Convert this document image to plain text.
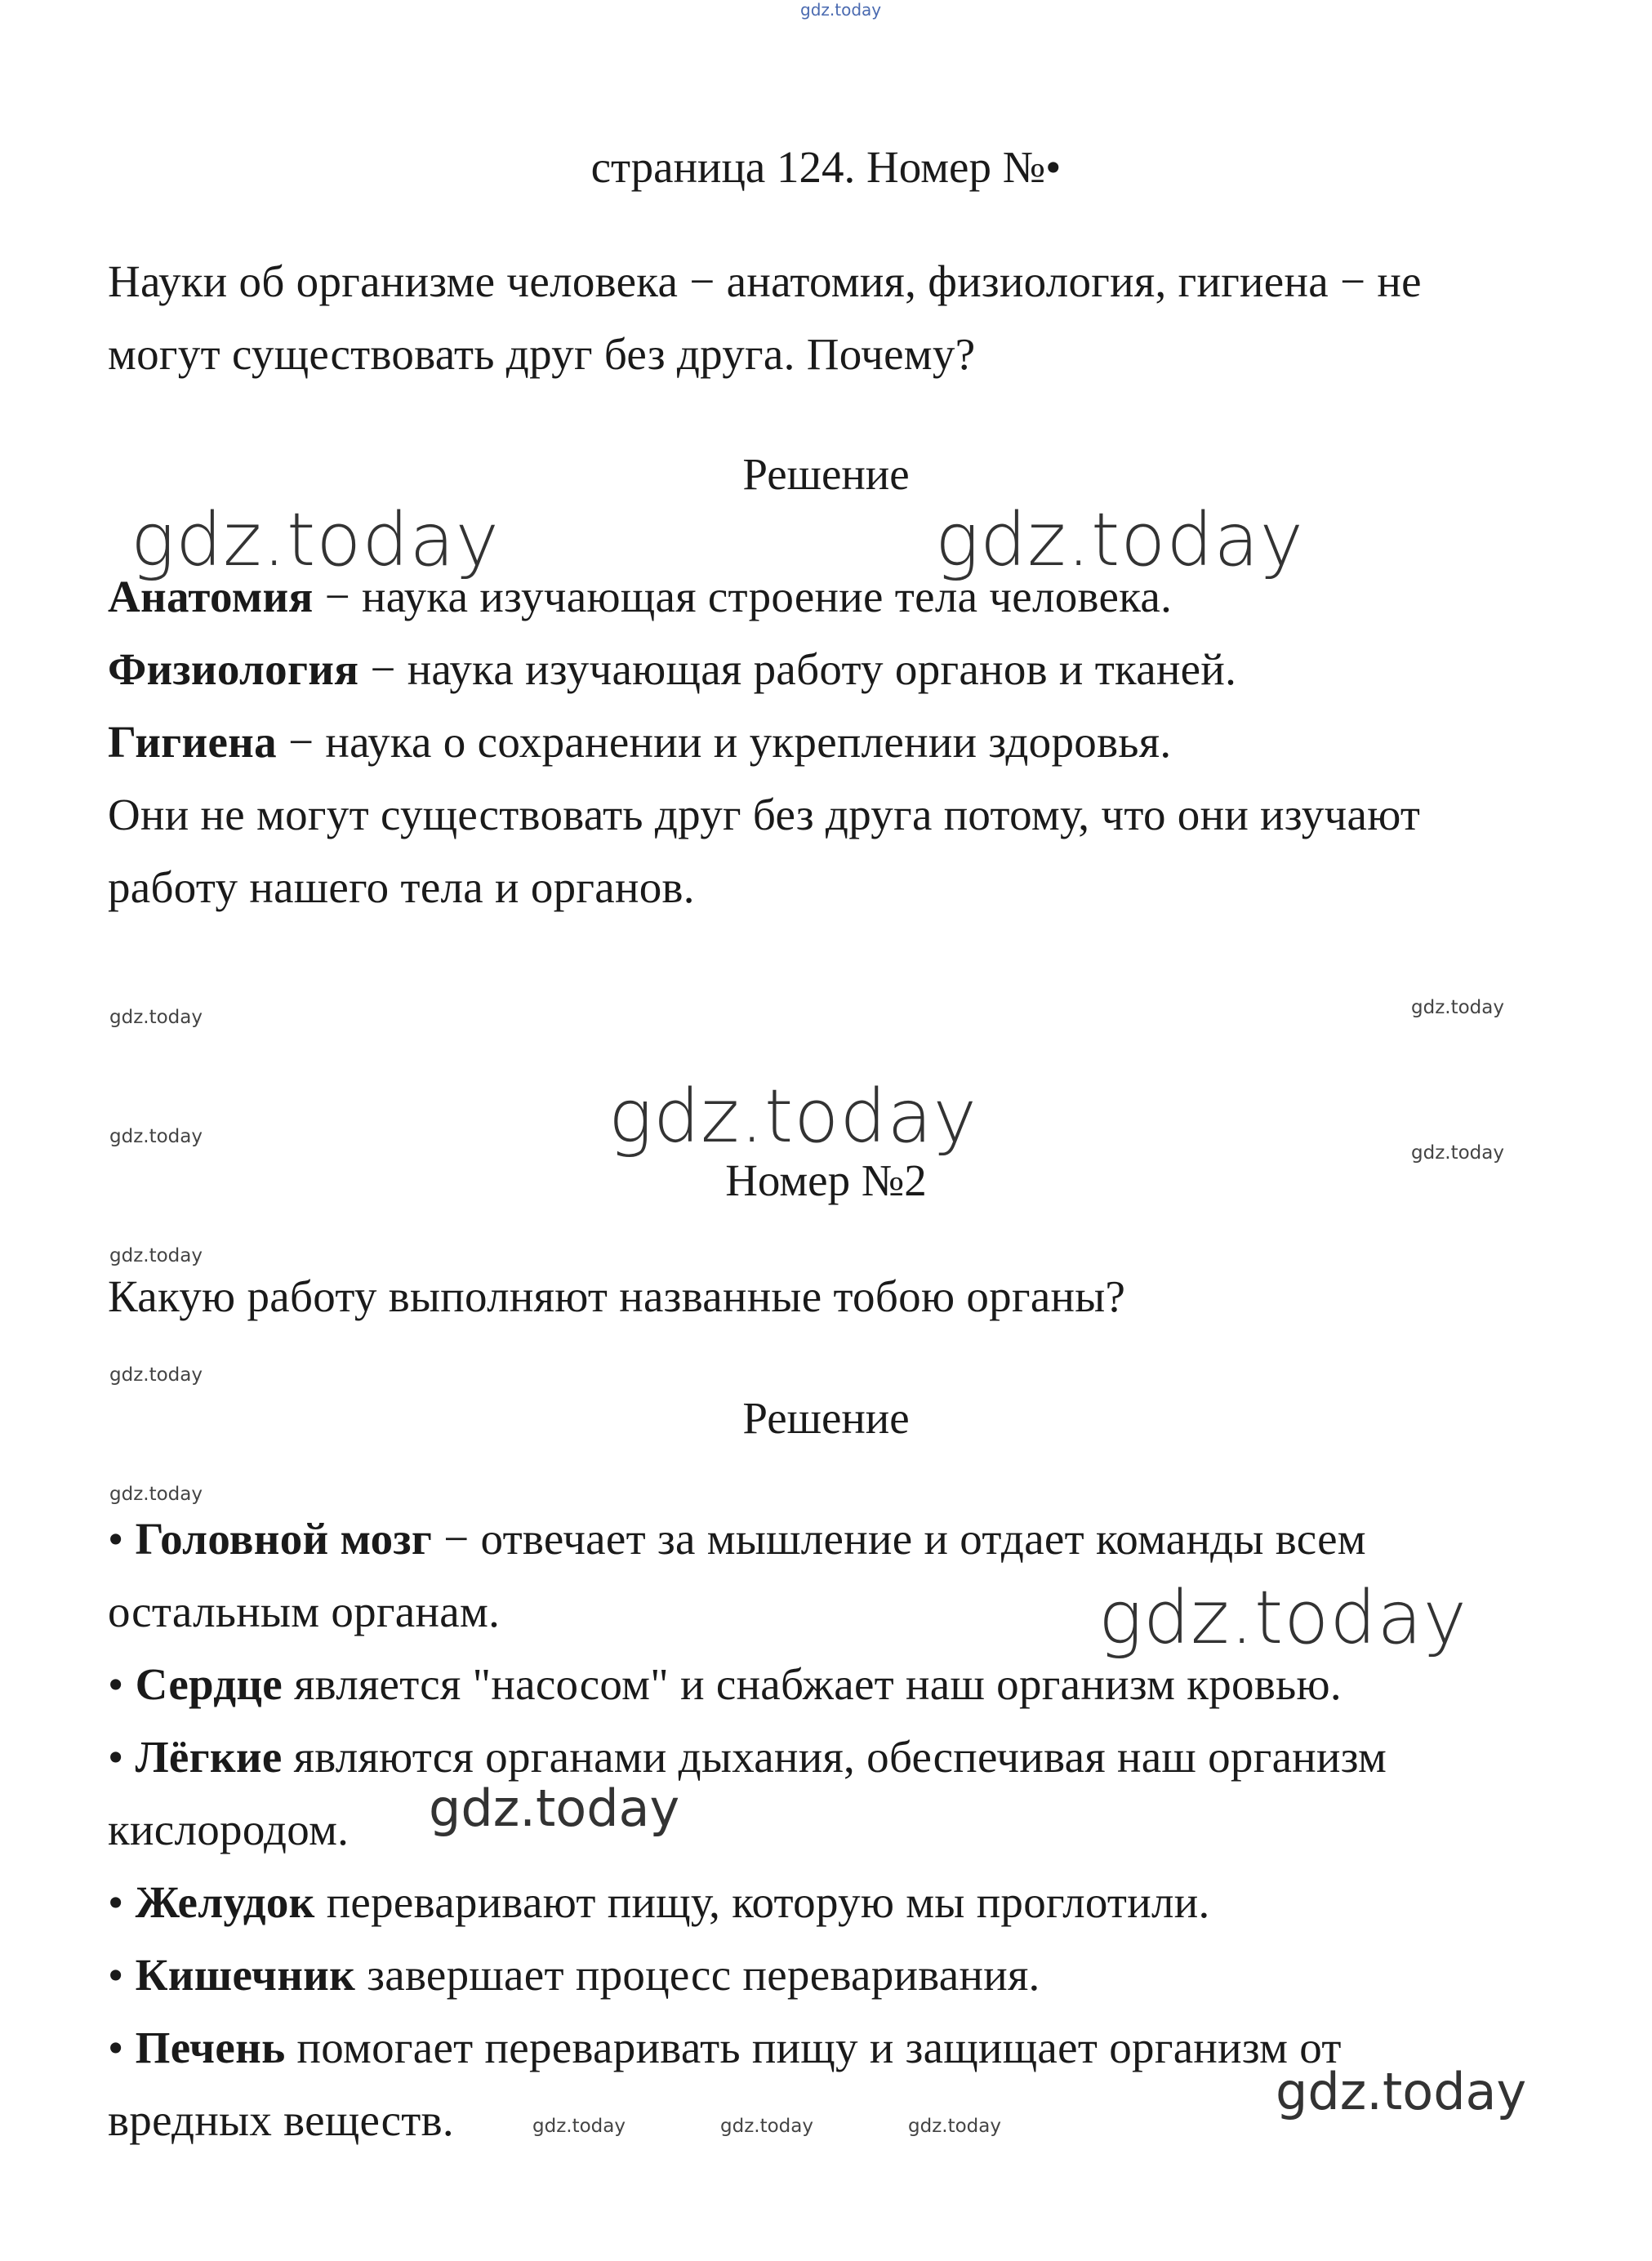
gdz.today
страница 124. Номер №•
Науки об организме человека − анатомия, физиология, гигиена − не
могут существовать друг без друга. Почему?
Решение
Анатомия − наука изучающая строение тела человека.
Физиология − наука изучающая работу органов и тканей.
Гигиена − наука о сохранении и укреплении здоровья.
Они не могут существовать друг без друга потому, что они изучают
работу нашего тела и органов.
Номер №2
Какую работу выполняют названные тобою органы?
Решение
• Головной мозг − отвечает за мышление и отдает команды всем
остальным органам.
• Сердце является "насосом" и снабжает наш организм кровью.
• Лёгкие являются органами дыхания, обеспечивая наш организм
кислородом.
• Желудок переваривают пищу, которую мы проглотили.
• Кишечник завершает процесс переваривания.
• Печень помогает переваривать пищу и защищает организм от
вредных веществ.
gdz.today	gdz.today
gdz.today
gdz.today
gdz.today
gdz.today
gdz.today	gdz.today
gdz.today
gdz.today
gdz.today
gdz.today
gdz.today
gdz.today	gdz.today	gdz.today
